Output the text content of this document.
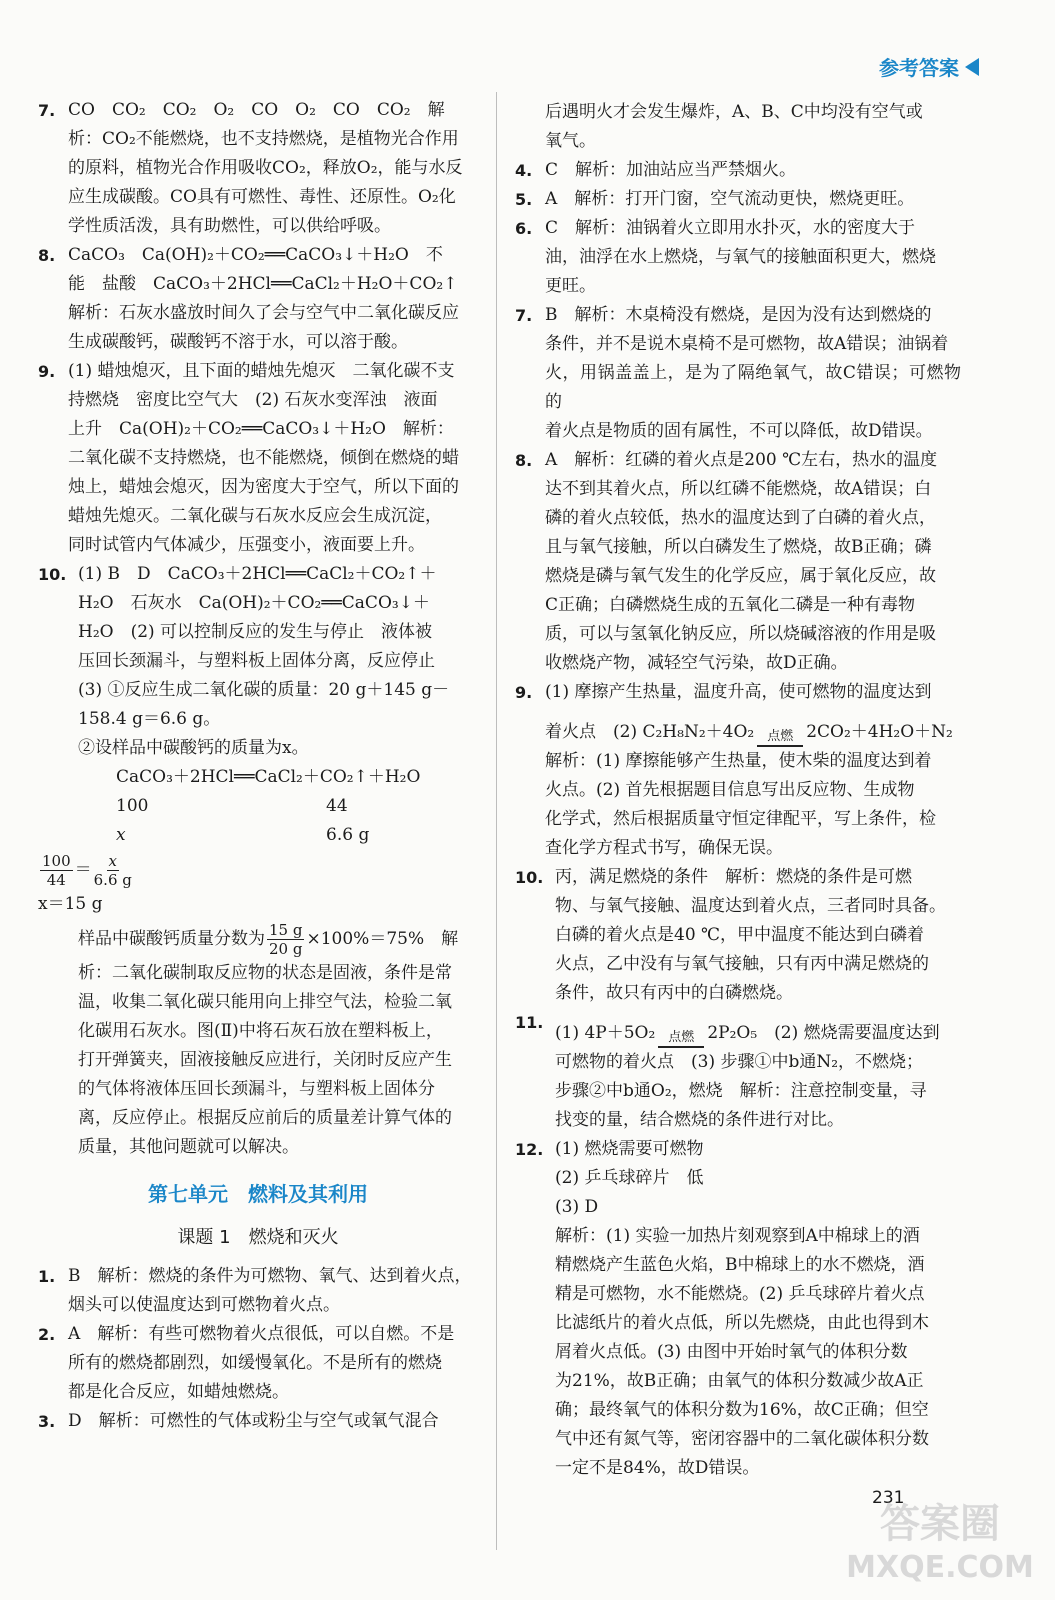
参考答案
7. CO　CO₂　CO₂　O₂　CO　O₂　CO　CO₂　解
析：CO₂不能燃烧，也不支持燃烧，是植物光合作用
的原料，植物光合作用吸收CO₂，释放O₂，能与水反
应生成碳酸。CO具有可燃性、毒性、还原性。O₂化
学性质活泼，具有助燃性，可以供给呼吸。
8. CaCO₃　Ca(OH)₂＋CO₂══CaCO₃↓＋H₂O　不
能　盐酸　CaCO₃＋2HCl══CaCl₂＋H₂O＋CO₂↑
解析：石灰水盛放时间久了会与空气中二氧化碳反应
生成碳酸钙，碳酸钙不溶于水，可以溶于酸。
9. (1) 蜡烛熄灭，且下面的蜡烛先熄灭　二氧化碳不支
持燃烧　密度比空气大　(2) 石灰水变浑浊　液面
上升　Ca(OH)₂＋CO₂══CaCO₃↓＋H₂O　解析：
二氧化碳不支持燃烧，也不能燃烧，倾倒在燃烧的蜡
烛上，蜡烛会熄灭，因为密度大于空气，所以下面的
蜡烛先熄灭。二氧化碳与石灰水反应会生成沉淀，
同时试管内气体减少，压强变小，液面要上升。
10. (1) B　D　CaCO₃＋2HCl══CaCl₂＋CO₂↑＋
H₂O　石灰水　Ca(OH)₂＋CO₂══CaCO₃↓＋
H₂O　(2) 可以控制反应的发生与停止　液体被
压回长颈漏斗，与塑料板上固体分离，反应停止
(3) ①反应生成二氧化碳的质量：20 g＋145 g－
158.4 g＝6.6 g。
②设样品中碳酸钙的质量为x。
CaCO₃＋2HCl══CaCl₂＋CO₂↑＋H₂O
100	44
x	6.6 g
$\frac{100}{44} = \frac{x}{6.6 g}$
x＝15 g
样品中碳酸钙质量分数为 $\frac{15 g}{20 g} \times 100\%=75\%$　解
析：二氧化碳制取反应物的状态是固液，条件是常
温，收集二氧化碳只能用向上排空气法，检验二氧
化碳用石灰水。图(Ⅱ)中将石灰石放在塑料板上，
打开弹簧夹，固液接触反应进行，关闭时反应产生
的气体将液体压回长颈漏斗，与塑料板上固体分
离，反应停止。根据反应前后的质量差计算气体的
质量，其他问题就可以解决。
第七单元　燃料及其利用
课题 1　燃烧和灭火
1. B　解析：燃烧的条件为可燃物、氧气、达到着火点，
烟头可以使温度达到可燃物着火点。
2. A　解析：有些可燃物着火点很低，可以自燃。不是
所有的燃烧都剧烈，如缓慢氧化。不是所有的燃烧
都是化合反应，如蜡烛燃烧。
3. D　解析：可燃性的气体或粉尘与空气或氧气混合
后遇明火才会发生爆炸，A、B、C中均没有空气或
氧气。
4. C　解析：加油站应当严禁烟火。
5. A　解析：打开门窗，空气流动更快，燃烧更旺。
6. C　解析：油锅着火立即用水扑灭，水的密度大于
油，油浮在水上燃烧，与氧气的接触面积更大，燃烧
更旺。
7. B　解析：木桌椅没有燃烧，是因为没有达到燃烧的
条件，并不是说木桌椅不是可燃物，故A错误；油锅着
火，用锅盖盖上，是为了隔绝氧气，故C错误；可燃物的
着火点是物质的固有属性，不可以降低，故D错误。
8. A　解析：红磷的着火点是200 ℃左右，热水的温度
达不到其着火点，所以红磷不能燃烧，故A错误；白
磷的着火点较低，热水的温度达到了白磷的着火点，
且与氧气接触，所以白磷发生了燃烧，故B正确；磷
燃烧是磷与氧气发生的化学反应，属于氧化反应，故
C正确；白磷燃烧生成的五氧化二磷是一种有毒物
质，可以与氢氧化钠反应，所以烧碱溶液的作用是吸
收燃烧产物，减轻空气污染，故D正确。
9. (1) 摩擦产生热量，温度升高，使可燃物的温度达到
着火点　(2) C₂H₈N₂＋4O₂ 点燃 2CO₂＋4H₂O＋N₂
解析：(1) 摩擦能够产生热量，使木柴的温度达到着
火点。(2) 首先根据题目信息写出反应物、生成物
化学式，然后根据质量守恒定律配平，写上条件，检
查化学方程式书写，确保无误。
10. 丙，满足燃烧的条件　解析：燃烧的条件是可燃
物、与氧气接触、温度达到着火点，三者同时具备。
白磷的着火点是40 ℃，甲中温度不能达到白磷着
火点，乙中没有与氧气接触，只有丙中满足燃烧的
条件，故只有丙中的白磷燃烧。
11.
(1) 4P＋5O₂ 点燃 2P₂O₅　(2) 燃烧需要温度达到
可燃物的着火点　(3) 步骤①中b通N₂，不燃烧；
步骤②中b通O₂，燃烧　解析：注意控制变量，寻
找变的量，结合燃烧的条件进行对比。
12. (1) 燃烧需要可燃物
(2) 乒乓球碎片　低
(3) D
解析：(1) 实验一加热片刻观察到A中棉球上的酒
精燃烧产生蓝色火焰，B中棉球上的水不燃烧，酒
精是可燃物，水不能燃烧。(2) 乒乓球碎片着火点
比滤纸片的着火点低，所以先燃烧，由此也得到木
屑着火点低。(3) 由图中开始时氧气的体积分数
为21%，故B正确；由氧气的体积分数减少故A正
确；最终氧气的体积分数为16%，故C正确；但空
气中还有氮气等，密闭容器中的二氧化碳体积分数
一定不是84%，故D错误。
231
答案圈
MXQE.COM
